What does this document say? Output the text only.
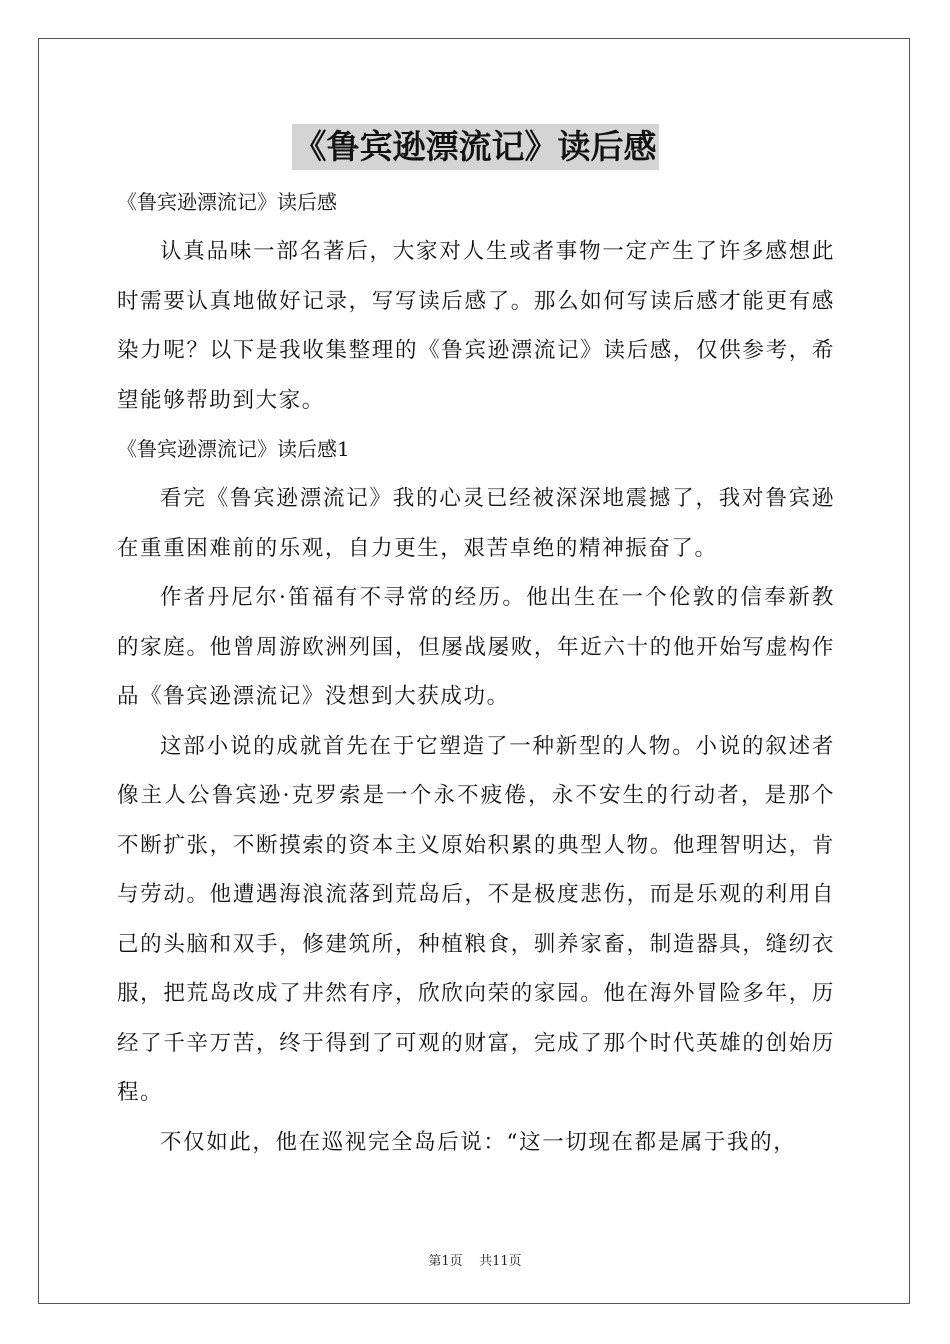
《鲁宾逊漂流记》读后感

《鲁宾逊漂流记》读后感

认真品味一部名著后，大家对人生或者事物一定产生了许多感想此时需要认真地做好记录，写写读后感了。那么如何写读后感才能更有感染力呢？以下是我收集整理的《鲁宾逊漂流记》读后感，仅供参考，希望能够帮助到大家。

《鲁宾逊漂流记》读后感1

看完《鲁宾逊漂流记》我的心灵已经被深深地震撼了，我对鲁宾逊在重重困难前的乐观，自力更生，艰苦卓绝的精神振奋了。

作者丹尼尔·笛福有不寻常的经历。他出生在一个伦敦的信奉新教的家庭。他曾周游欧洲列国，但屡战屡败，年近六十的他开始写虚构作品《鲁宾逊漂流记》没想到大获成功。

这部小说的成就首先在于它塑造了一种新型的人物。小说的叙述者像主人公鲁宾逊·克罗索是一个永不疲倦，永不安生的行动者，是那个不断扩张，不断摸索的资本主义原始积累的典型人物。他理智明达，肯与劳动。他遭遇海浪流落到荒岛后，不是极度悲伤，而是乐观的利用自己的头脑和双手，修建筑所，种植粮食，驯养家畜，制造器具，缝纫衣服，把荒岛改成了井然有序，欣欣向荣的家园。他在海外冒险多年，历经了千辛万苦，终于得到了可观的财富，完成了那个时代英雄的创始历程。

不仅如此，他在巡视完全岛后说：“这一切现在都是属于我的，

第1页 共11页
